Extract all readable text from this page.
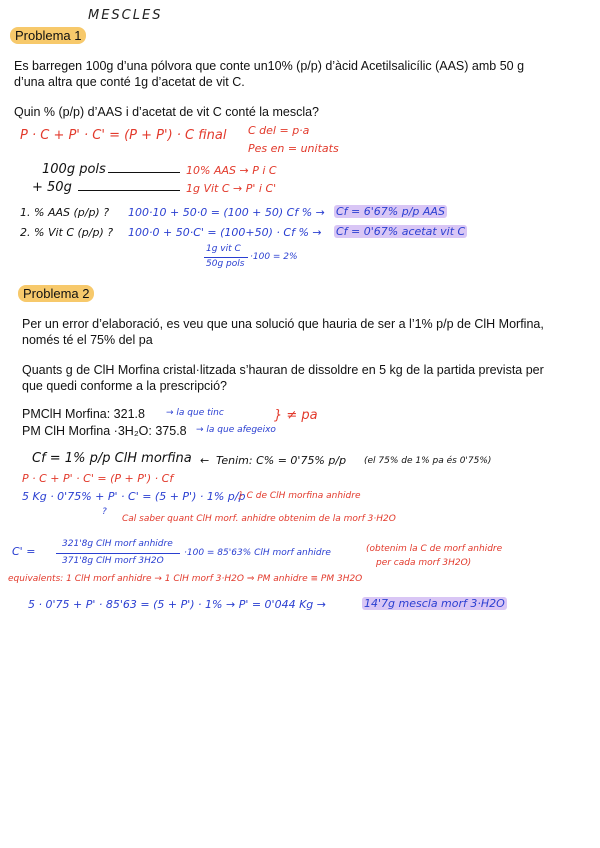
MESCLES
Problema 1
Es barregen 100g d’una pólvora que conte un10% (p/p) d’àcid Acetilsalicílic (AAS) amb 50 g d’una altra que conté 1g d’acetat de vit C.
Quin % (p/p) d’AAS i d’acetat de vit C conté la mescla?
P · C + P' · C' = (P + P') · C final C del = p·a
Pes en = unitats
100g pols	10% AAS → P i C
+ 50g	1g Vit C → P' i C'
1. % AAS (p/p) ? 100·10 + 50·0 = (100 + 50) Cf % → Cf = 6'67% p/p AAS
2. % Vit C (p/p) ? 100·0 + 50·C' = (100+50) · Cf % → Cf = 0'67% acetat vit C
1g vit C
50g pols
·100 = 2%
Problema 2
Per un error d’elaboració, es veu que una solució que hauria de ser a l’1% p/p de ClH Morfina, només té el 75% del pa
Quants g de ClH Morfina cristal·litzada s’hauran de dissoldre en 5 kg de la partida prevista per que quedi conforme a la prescripció?
PMClH Morfina: 321.8 → la que tinc
PM ClH Morfina ·3H₂O: 375.8 → la que afegeixo
} ≠ pa
Cf = 1% p/p ClH morfina ← Tenim: C% = 0'75% p/p (el 75% de 1% pa és 0'75%)
P · C + P' · C' = (P + P') · Cf
5 Kg · 0'75% + P' · C' = (5 + P') · 1% p/p
} C de ClH morfina anhidre
?
Cal saber quant ClH morf. anhidre obtenim de la morf 3·H2O
C' =
321'8g ClH morf anhidre
371'8g ClH morf 3H2O
·100 = 85'63% ClH morf anhidre	(obtenim la C de morf anhidre
per cada morf 3H2O)
equivalents: 1 ClH morf anhidre → 1 ClH morf 3·H2O ⇒ PM anhidre ≡ PM 3H2O
5 · 0'75 + P' · 85'63 = (5 + P') · 1% → P' = 0'044 Kg →	14'7g mescla morf 3·H2O
